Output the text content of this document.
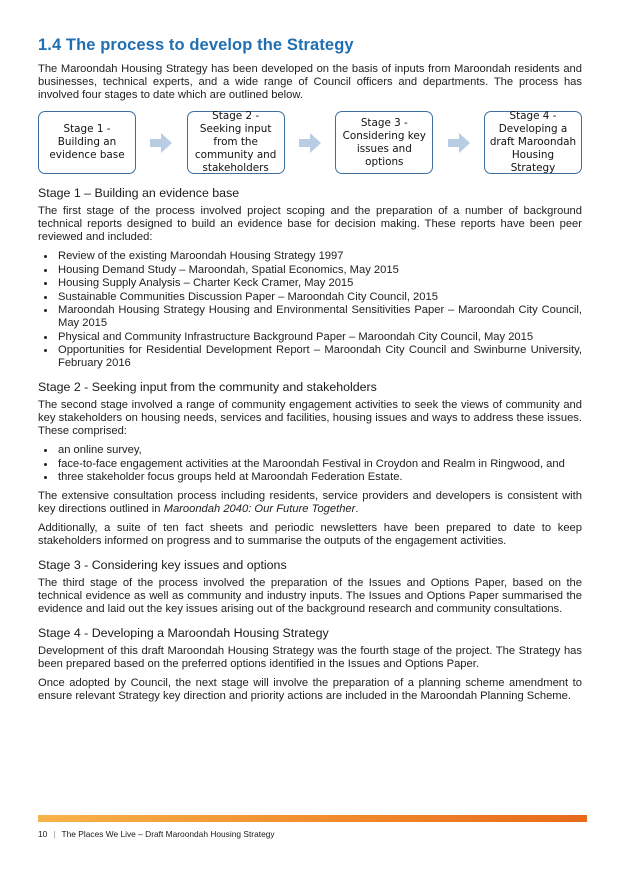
1.4 The process to develop the Strategy

The Maroondah Housing Strategy has been developed on the basis of inputs from Maroondah residents and businesses, technical experts, and a wide range of Council officers and departments. The process has involved four stages to date which are outlined below.

Stage 1 - Building an evidence base
Stage 2 - Seeking input from the community and stakeholders
Stage 3 - Considering key issues and options
Stage 4 - Developing a draft Maroondah Housing Strategy
Stage 1 – Building an evidence base

The first stage of the process involved project scoping and the preparation of a number of background technical reports designed to build an evidence base for decision making. These reports have been peer reviewed and included:

• Review of the existing Maroondah Housing Strategy 1997
• Housing Demand Study – Maroondah, Spatial Economics, May 2015
• Housing Supply Analysis – Charter Keck Cramer, May 2015
• Sustainable Communities Discussion Paper – Maroondah City Council, 2015
• Maroondah Housing Strategy Housing and Environmental Sensitivities Paper – Maroondah City Council, May 2015
• Physical and Community Infrastructure Background Paper – Maroondah City Council, May 2015
• Opportunities for Residential Development Report – Maroondah City Council and Swinburne University, February 2016
Stage 2 - Seeking input from the community and stakeholders

The second stage involved a range of community engagement activities to seek the views of community and key stakeholders on housing needs, services and facilities, housing issues and ways to address these issues. These comprised:

• an online survey,
• face-to-face engagement activities at the Maroondah Festival in Croydon and Realm in Ringwood, and
• three stakeholder focus groups held at Maroondah Federation Estate.

The extensive consultation process including residents, service providers and developers is consistent with key directions outlined in Maroondah 2040: Our Future Together.

Additionally, a suite of ten fact sheets and periodic newsletters have been prepared to date to keep stakeholders informed on progress and to summarise the outputs of the engagement activities.

Stage 3 - Considering key issues and options

The third stage of the process involved the preparation of the Issues and Options Paper, based on the technical evidence as well as community and industry inputs. The Issues and Options Paper summarised the evidence and laid out the key issues arising out of the background research and community consultations.

Stage 4 - Developing a Maroondah Housing Strategy

Development of this draft Maroondah Housing Strategy was the fourth stage of the project. The Strategy has been prepared based on the preferred options identified in the Issues and Options Paper.

Once adopted by Council, the next stage will involve the preparation of a planning scheme amendment to ensure relevant Strategy key direction and priority actions are included in the Maroondah Planning Scheme.

10 | The Places We Live – Draft Maroondah Housing Strategy
